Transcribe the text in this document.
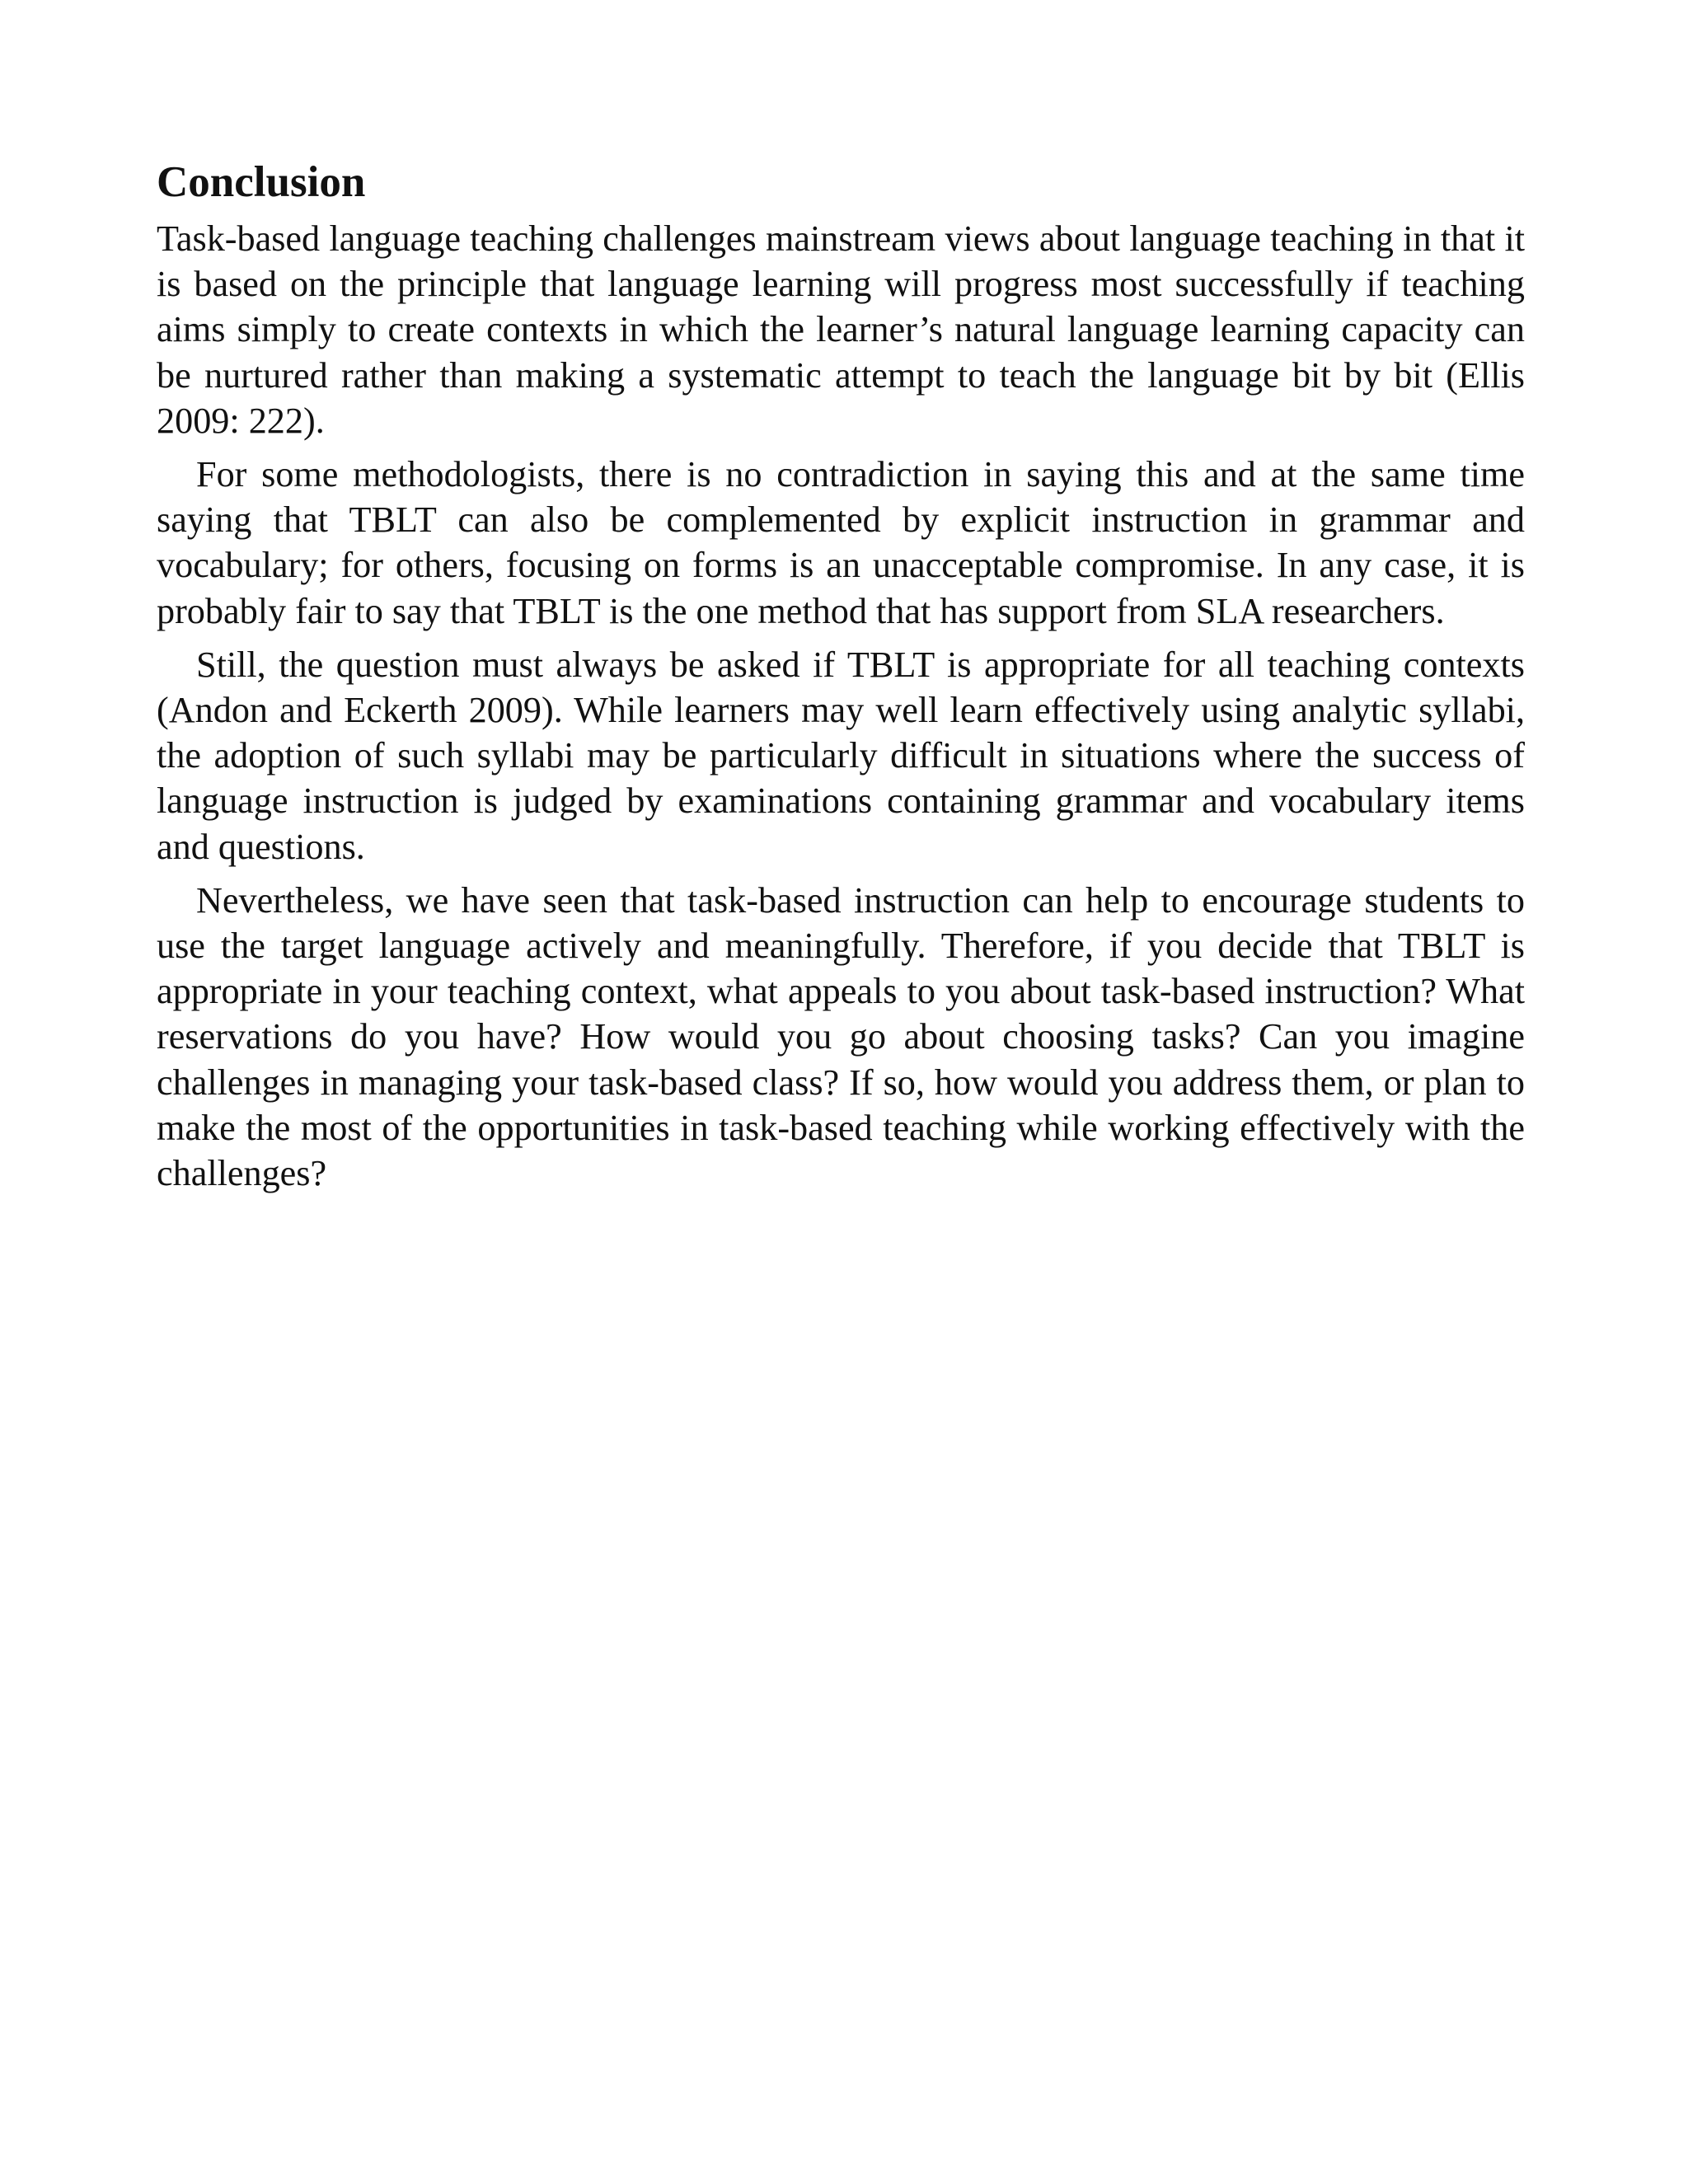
Conclusion

Task-based language teaching challenges mainstream views about language teaching in that it is based on the principle that language learning will progress most successfully if teaching aims simply to create contexts in which the learner’s natural language learning capacity can be nurtured rather than making a systematic attempt to teach the language bit by bit (Ellis 2009: 222).

For some methodologists, there is no contradiction in saying this and at the same time saying that TBLT can also be complemented by explicit instruction in grammar and vocabulary; for others, focusing on forms is an unacceptable compromise. In any case, it is probably fair to say that TBLT is the one method that has support from SLA researchers.

Still, the question must always be asked if TBLT is appropriate for all teaching contexts (Andon and Eckerth 2009). While learners may well learn effectively using analytic syllabi, the adoption of such syllabi may be particularly difficult in situations where the success of language instruction is judged by examinations containing grammar and vocabulary items and questions.

Nevertheless, we have seen that task-based instruction can help to encourage students to use the target language actively and meaningfully. Therefore, if you decide that TBLT is appropriate in your teaching context, what appeals to you about task-based instruction? What reservations do you have? How would you go about choosing tasks? Can you imagine challenges in managing your task-based class? If so, how would you address them, or plan to make the most of the opportunities in task-based teaching while working effectively with the challenges?
